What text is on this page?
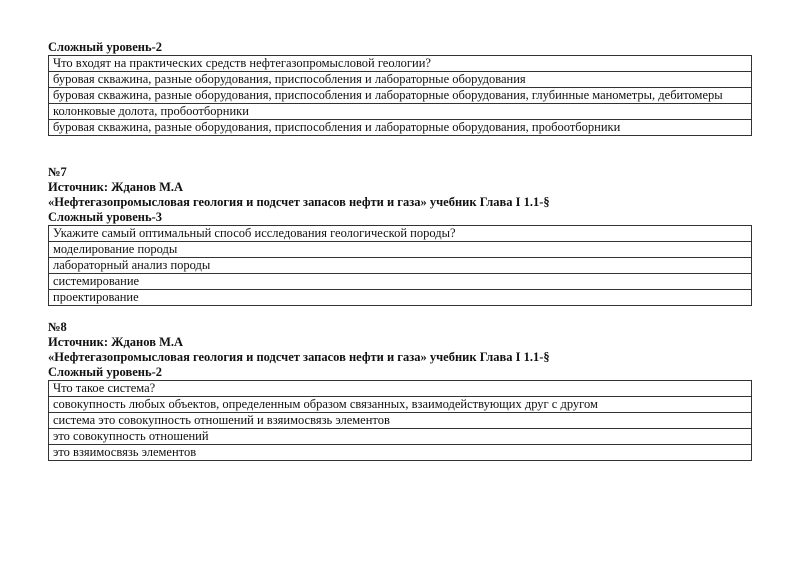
Сложный уровень-2
Что входят на практических средств нефтегазопромысловой геологии?
буровая скважина, разные оборудования, приспособления и лабораторные оборудования
буровая скважина, разные оборудования, приспособления и лабораторные оборудования, глубинные манометры, дебитомеры
колонковые долота, пробоотборники
буровая скважина, разные оборудования, приспособления и лабораторные оборудования, пробоотборники
№7
Источник: Жданов М.А
«Нефтегазопромысловая геология и подсчет запасов нефти и газа» учебник Глава I 1.1-§
Сложный уровень-3
Укажите самый оптимальный способ исследования геологической породы?
моделирование породы
лабораторный анализ породы
системирование
проектирование
№8
Источник: Жданов М.А
«Нефтегазопромысловая геология и подсчет запасов нефти и газа» учебник Глава I 1.1-§
Сложный уровень-2
Что такое система?
совокупность любых объектов, определенным образом связанных, взаимодействующих друг с другом
система это совокупность отношений и взяимосвязь элементов
это совокупность отношений
это взяимосвязь элементов
